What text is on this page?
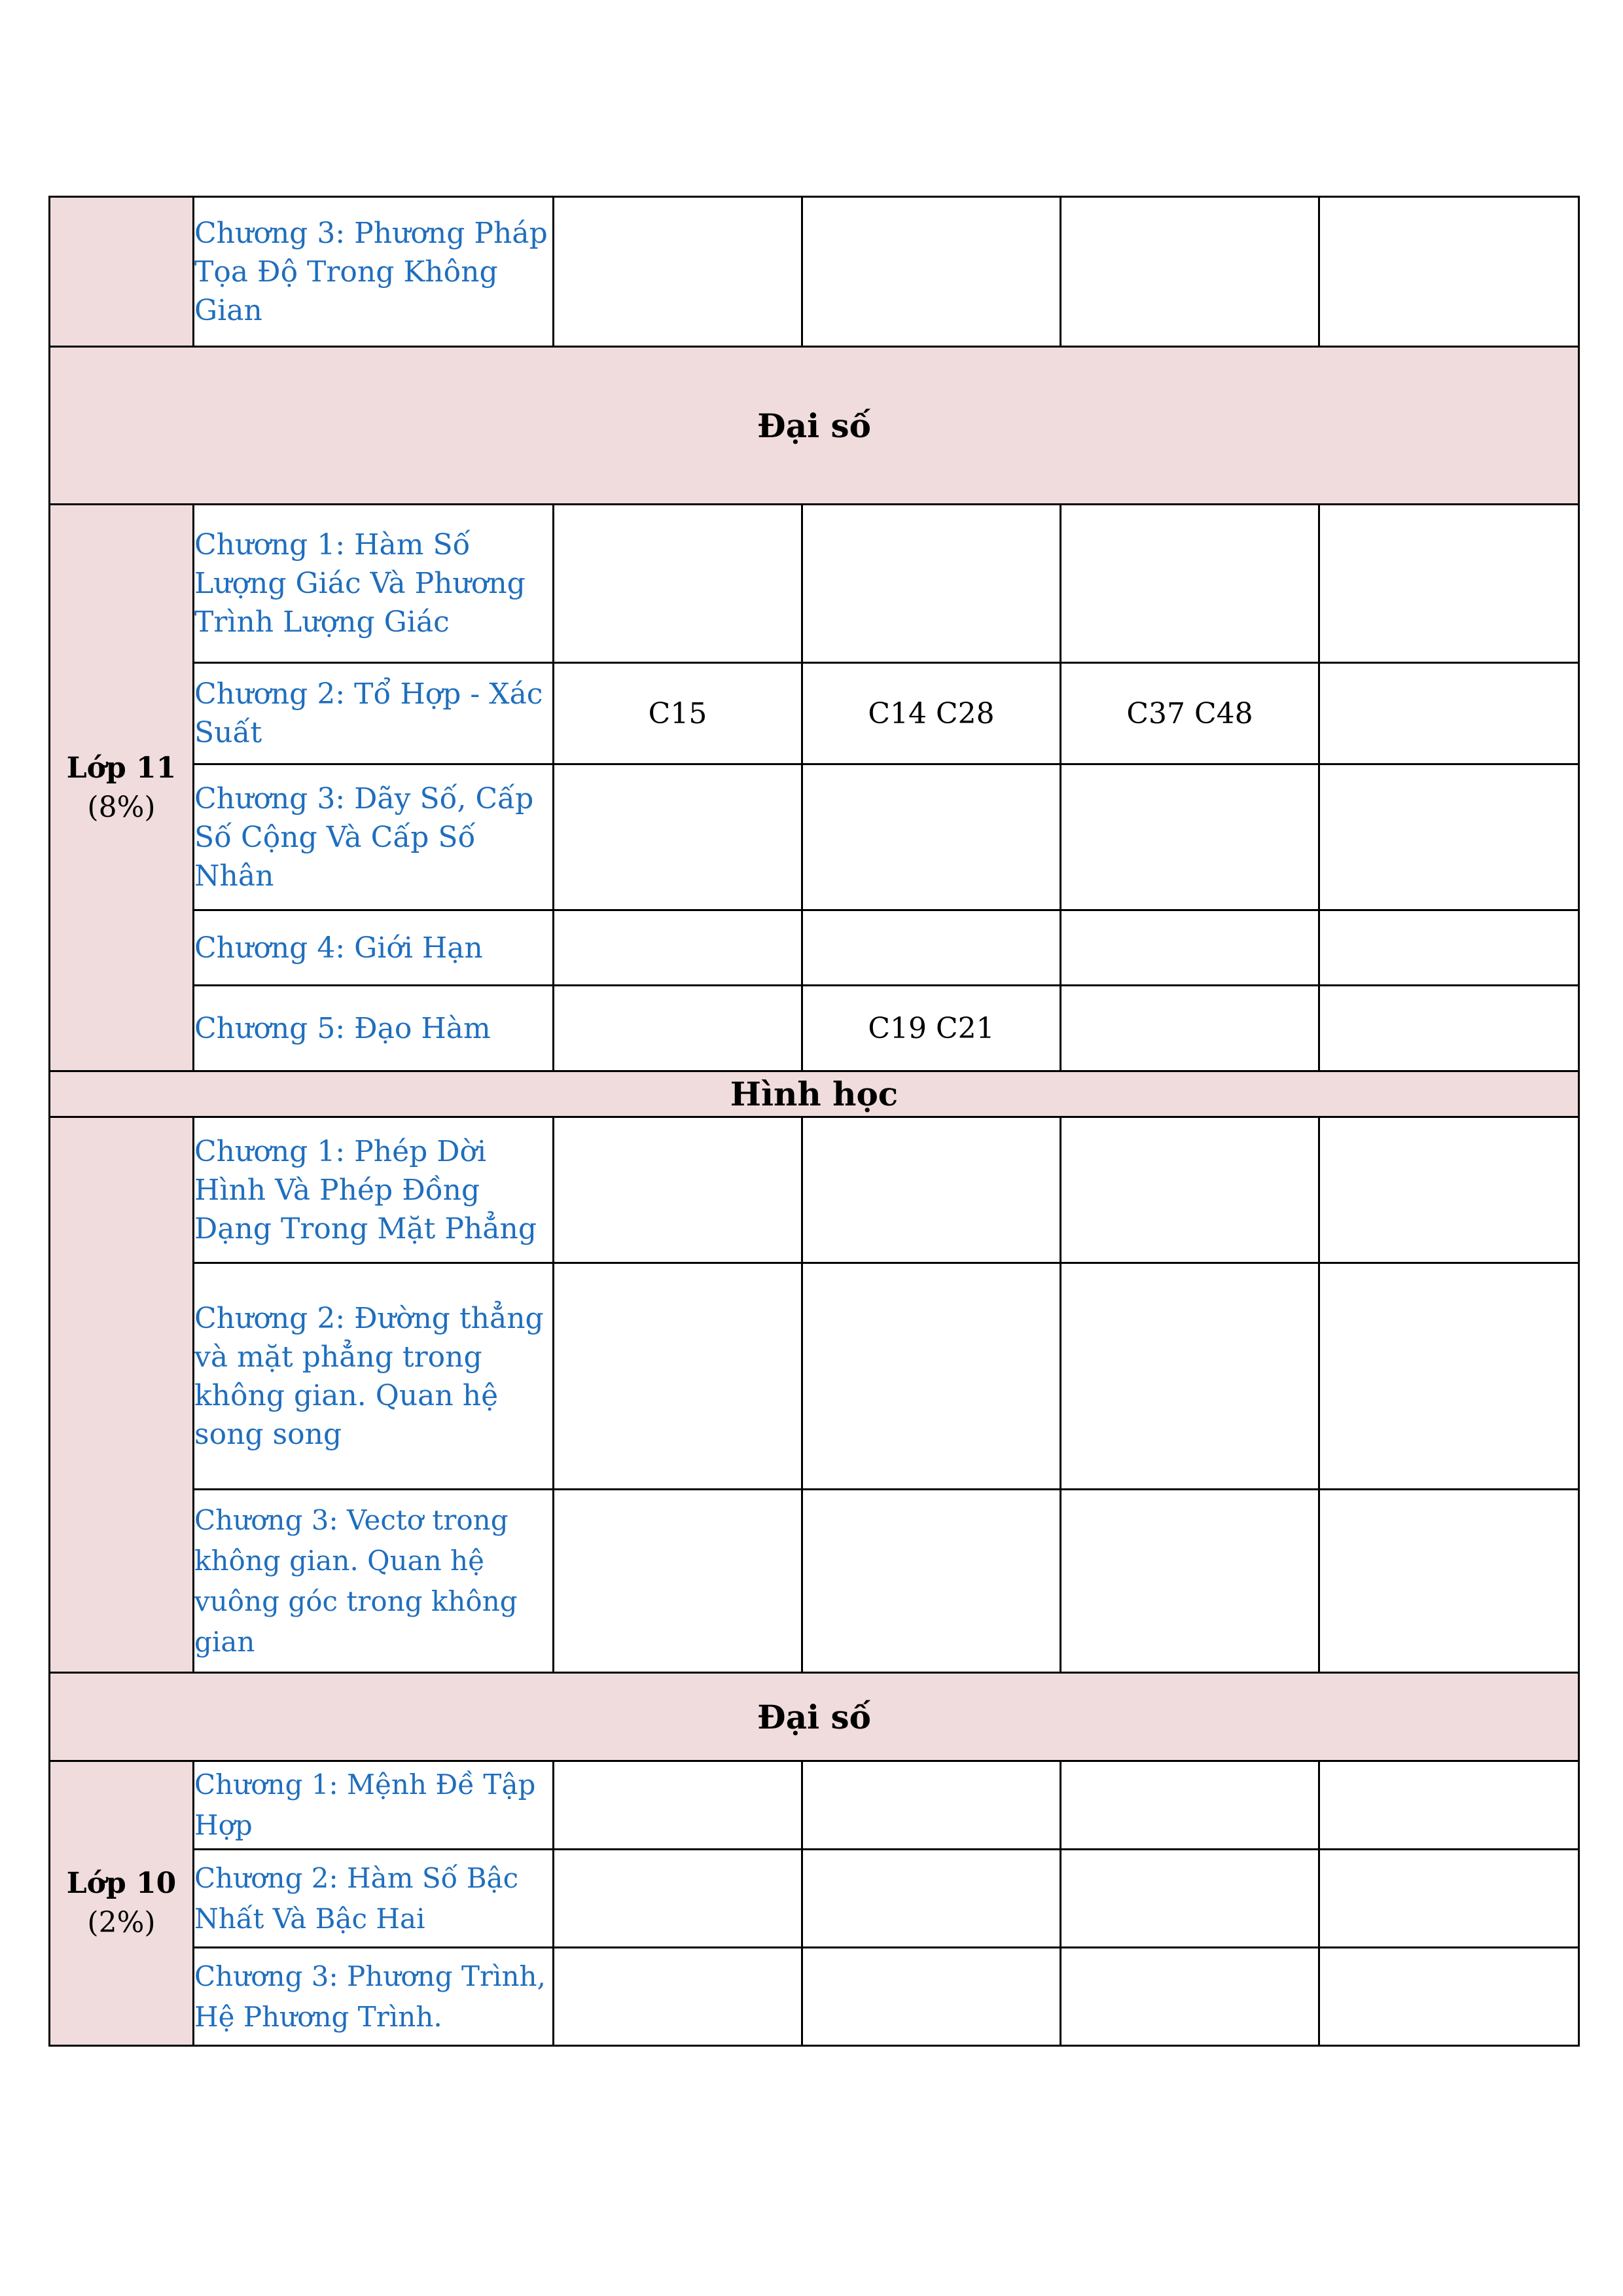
	Chương 3: Phương Pháp Tọa Độ Trong Không Gian				
Đại số					

Lớp 11
(8%)	Chương 1: Hàm Số Lượng Giác Và Phương Trình Lượng Giác				
	Chương 2: Tổ Hợp - Xác Suất	C15	C14 C28	C37 C48	
	Chương 3: Dãy Số, Cấp Số Cộng Và Cấp Số Nhân				
	Chương 4: Giới Hạn				
	Chương 5: Đạo Hàm		C19 C21		
Hình học					
	Chương 1: Phép Dời Hình Và Phép Đồng Dạng Trong Mặt Phẳng				
	Chương 2: Đường thẳng và mặt phẳng trong không gian. Quan hệ song song				
	Chương 3: Vectơ trong không gian. Quan hệ vuông góc trong không gian				
Đại số					

Lớp 10
(2%)	Chương 1: Mệnh Đề Tập Hợp				
	Chương 2: Hàm Số Bậc Nhất Và Bậc Hai				
	Chương 3: Phương Trình, Hệ Phương Trình.				
